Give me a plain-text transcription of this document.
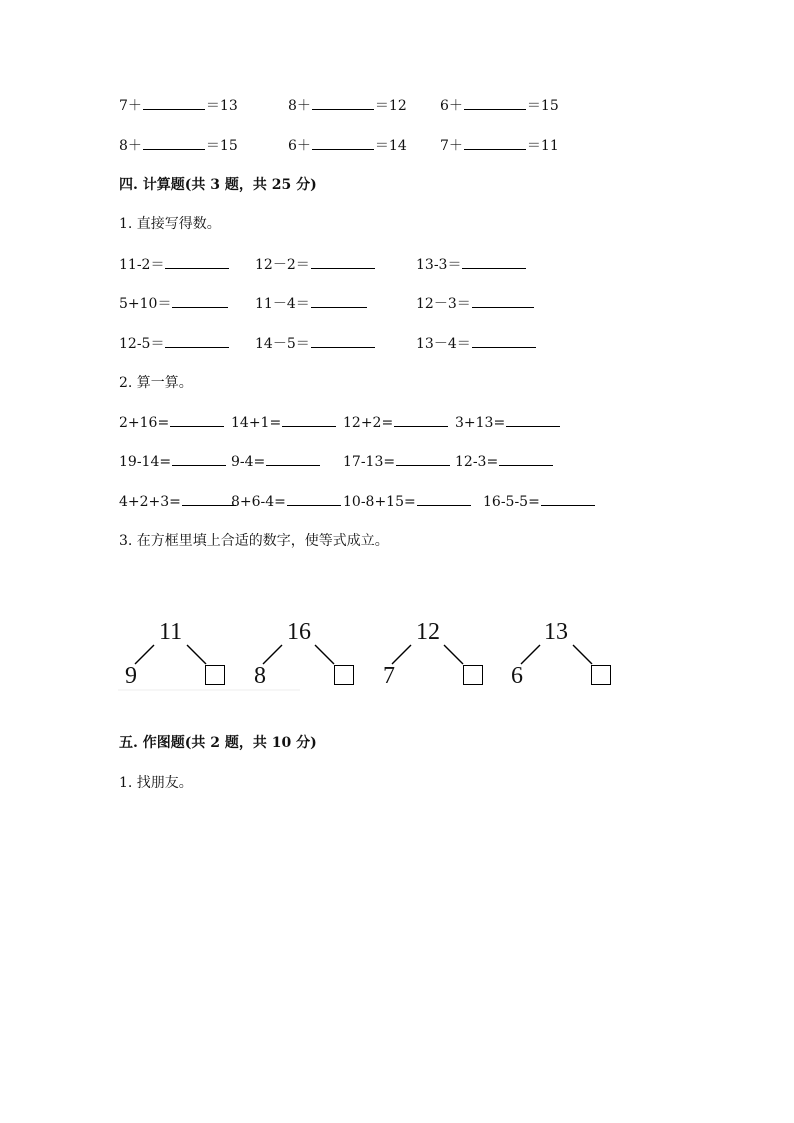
7＋	＝13	8＋	＝12 6＋	＝15
8＋	＝15	6＋	＝14 7＋	＝11
四. 计算题(共 3 题，共 25 分)
1. 直接写得数。
11-2＝	12－2＝	13-3＝
5+10＝	11－4＝	12－3＝
12-5＝	14－5＝	13－4＝
2. 算一算。
2+16=	14+1=	12+2=	3+13=
19-14=	9-4=	17-13=	12-3=
4+2+3=	8+6-4=	10-8+15=	16-5-5=
3. 在方框里填上合适的数字，使等式成立。
11
9
16
8
12
7
13
6
五. 作图题(共 2 题，共 10 分)
1. 找朋友。
